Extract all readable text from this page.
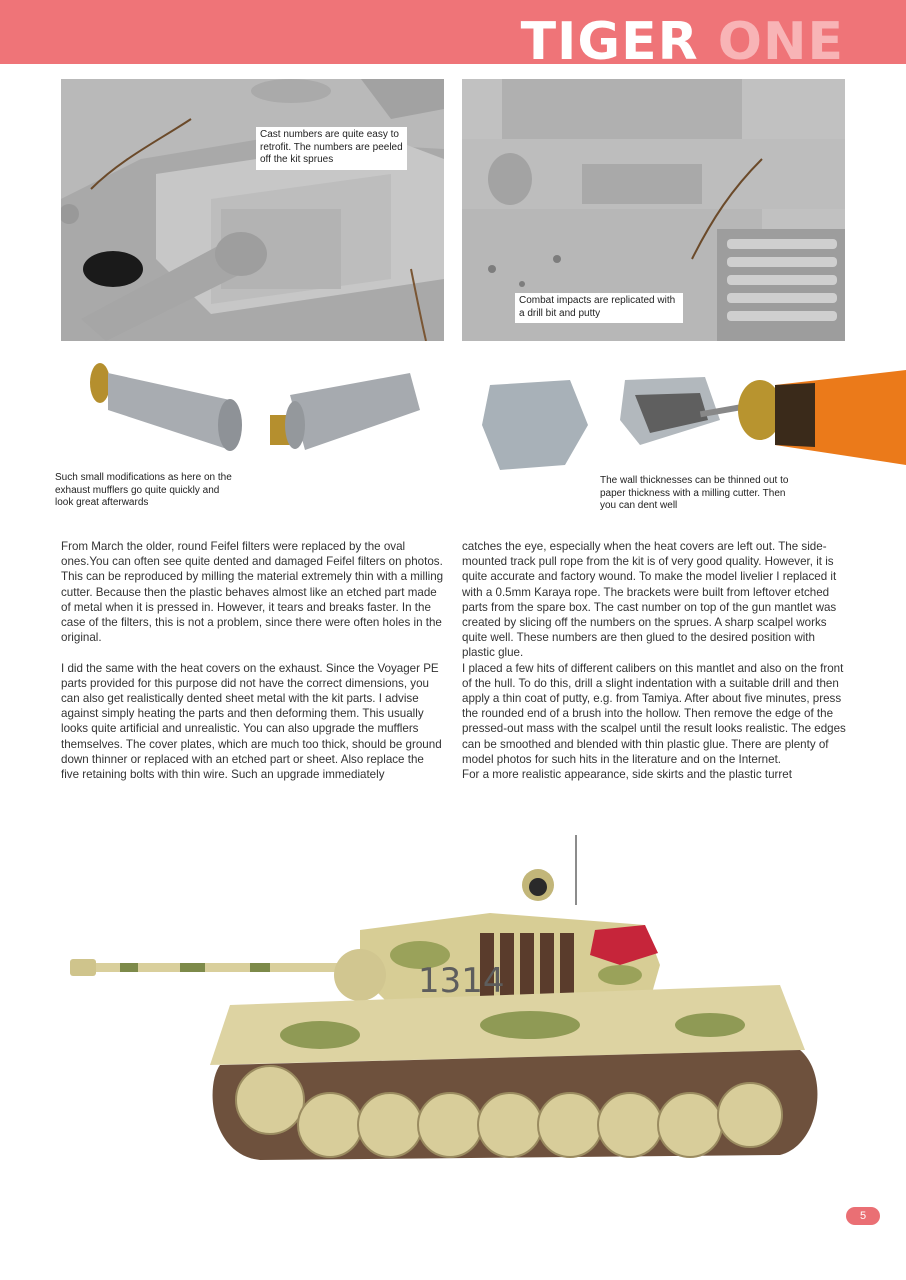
TIGER ONE
Cast numbers are quite easy to retrofit. The numbers are peeled off the kit sprues
Combat impacts are replicated with a drill bit and putty
Such small modifications as here on the exhaust mufflers go quite quickly and look great afterwards
The wall thicknesses can be thinned out to paper thickness with a milling cutter. Then you can dent well

From March the older, round Feifel filters were replaced by the oval ones.You can often see quite dented and damaged Feifel filters on photos. This can be reproduced by milling the material extremely thin with a milling cutter. Because then the plastic behaves almost like an etched part made of metal when it is pressed in. However, it tears and breaks faster. In the case of the filters, this is not a problem, since there were often holes in the original.

I did the same with the heat covers on the exhaust. Since the Voyager PE parts provided for this purpose did not have the correct dimensions, you can also get realistically dented sheet metal with the kit parts. I advise against simply heating the parts and then deforming them. This usually looks quite artificial and unrealistic. You can also upgrade the mufflers themselves. The cover plates, which are much too thick, should be ground down thinner or replaced with an etched part or sheet. Also replace the five retaining bolts with thin wire. Such an upgrade immediately

catches the eye, especially when the heat covers are left out. The side-mounted track pull rope from the kit is of very good quality. However, it is quite accurate and factory wound. To make the model livelier I replaced it with a 0.5mm Karaya rope. The brackets were built from leftover etched parts from the spare box. The cast number on top of the gun mantlet was created by slicing off the numbers on the sprues. A sharp scalpel works quite well. These numbers are then glued to the desired position with plastic glue.

I placed a few hits of different calibers on this mantlet and also on the front of the hull. To do this, drill a slight indentation with a suitable drill and then apply a thin coat of putty, e.g. from Tamiya. After about five minutes, press the rounded end of a brush into the hollow. Then remove the edge of the pressed-out mass with the scalpel until the result looks realistic. The edges can be smoothed and blended with thin plastic glue. There are plenty of model photos for such hits in the literature and on the Internet.

For a more realistic appearance, side skirts and the plastic turret

1314
5
